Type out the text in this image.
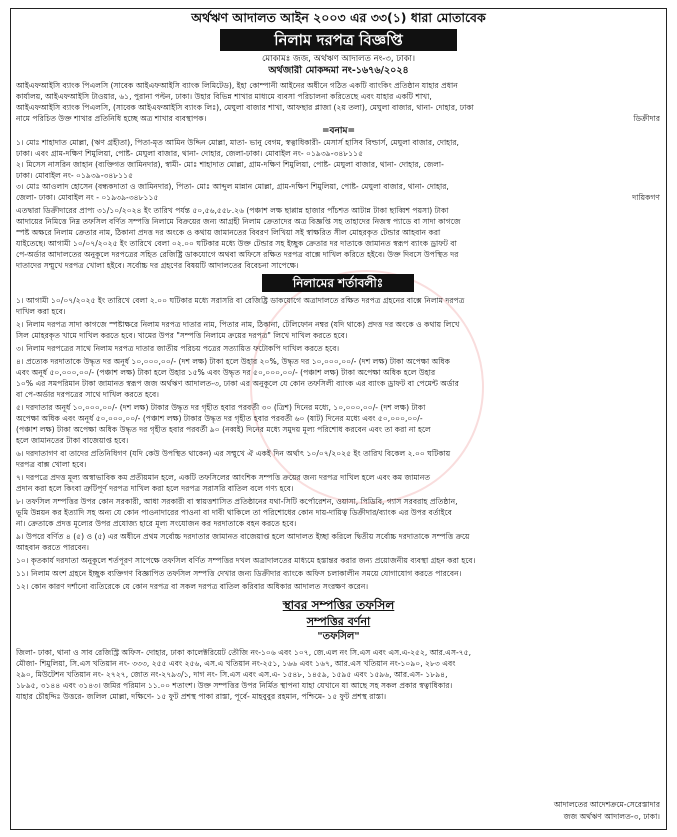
অর্থঋণ আদালত আইন ২০০৩ এর ৩৩(১) ধারা মোতাবেক
নিলাম দরপত্র বিজ্ঞপ্তি
মোকামঃ জজ, অর্থঋণ আদালত নং-৩, ঢাকা।
অর্থজারী মোকদ্দমা নং-১৬৭৬/২০২৪
আইএফআইসি ব্যাংক পিএলসি (সাবেক আইএফআইসি ব্যাংক লিমিটেড), ইহা কোম্পানী আইনের অধীনে গঠিত একটি ব্যাংকিং প্রতিষ্ঠান যাহার প্রধান
কার্যালয়, আইএফআইসি টাওয়ার, ৬১, পুরানা পল্টন, ঢাকা। উহার বিভিন্ন শাখার মাধ্যমে ব্যবসা পরিচালনা করিতেছে এবং যাহার একটি শাখা,
আইএফআইসি ব্যাংক পিএলসি, (সাবেক আইএফআইসি ব্যাংক লিঃ), মেঘুলা বাজার শাখা, আফছার প্লাজা (২য় তলা), মেঘুলা বাজার, থানা- দোহার, ঢাকা
নামে পরিচিত উক্ত শাখার প্রতিনিধি হচ্ছে অত্র শাখার ব্যবস্থাপক।	ডিক্রীদার
=বনাম=
১। মোঃ শাহাদাত মোল্লা, (ঋণ গ্রহীতা), পিতা-মৃত আমিন উদ্দিন মোল্লা, মাতা- ভানু বেগম, স্বত্বাধিকারী- মেসার্স হাসিব বিল্ডার্স, মেঘুলা বাজার, দোহার,
ঢাকা। এবং গ্রাম-দক্ষিণ শিমুলিয়া, পোষ্ট- মেঘুলা বাজার, থানা- দোহার, জেলা-ঢাকা। মোবাইল নং- ০১৯৩৯-৩৪৮১১৫
২। মিসেস নাসরিন জাহান (ব্যক্তিগত জামিনদার), স্বামী- মোঃ শাহাদাত মোল্লা, গ্রাম-দক্ষিণ শিমুলিয়া, পোষ্ট- মেঘুলা বাজার, থানা- দোহার, জেলা-
ঢাকা। মোবাইল নং- ০১৯৩৯-৩৪৮১১৫
৩। মোঃ আওলাদ হোসেন (বন্ধকদাতা ও জামিনদার), পিতা- মোঃ আব্দুল মান্নান মোল্লা, গ্রাম-দক্ষিণ শিমুলিয়া, পোষ্ট- মেঘুলা বাজার, থানা- দোহার,
জেলা- ঢাকা। মোবাইল নং - ০১৯৩৯-৩৪৮১১৫	দায়িকগণ
এতদ্বারা ডিক্রীদারের প্রাপ্য ৩১/১০/২০২৪ ইং তারিখ পর্যন্ত ৫০,৫৬,৫৫৮.২৬ (পঞ্চাশ লক্ষ ছাপ্পান্ন হাজার পাঁচশত আটান্ন টাকা ছাব্বিশ পয়সা) টাকা
আদায়ের নিমিত্তে নিম্ন তফসিল বর্ণিত সম্পত্তি নিলামে বিক্রয়ের জন্য আগ্রহী নিলাম ক্রেতাদের অত্র বিজ্ঞপ্তি সহ তাহাদের নিজস্ব প্যাডে বা সাদা কাগজে
স্পষ্ট অক্ষরে নিলাম ক্রেতার নাম, ঠিকানা প্রদত্ত দর অংকে ও কথায় জামানতের বিবরণ লিখিয়া সই স্বাক্ষরিত সীল মোহরকৃত টেন্ডার আহবান করা
যাইতেছে। আগামী ১০/০৭/২০২৫ ইং তারিখে বেলা ০২.০০ ঘটিকার মধ্যে উক্ত টেন্ডার সহ ইচ্ছুক ক্রেতার দর দাতাকে জামানত স্বরূপ ব্যাংক ড্রাফট বা
পে-অর্ডার আদালতের অনুকূলে দরপত্রের সহিত রেজিষ্ট্রি ডাকযোগে অথবা অফিসে রক্ষিত দরপত্র বাক্সে দাখিল করিতে হইবে। উক্ত দিবসে উপস্থিত দর
দাতাদের সম্মুখে দরপত্র খোলা হইবে। সর্বোচ্চ দর গ্রহণের বিষয়টি আদালতের বিবেচনা সাপেক্ষে।
নিলামের শর্তাবলীঃ
১। আগামী ১০/০৭/২০২৫ ইং তারিখে বেলা ২.০০ ঘটিকার মধ্যে সরাসরি বা রেজিষ্ট্রি ডাকযোগে অত্রাদালতে রক্ষিত দরপত্র গ্রহনের বাক্সে নিলাম দরপত্র
দাখিল করা হবে।
২। নিলাম দরপত্র সাদা কাগজে স্পষ্টাক্ষরে নিলাম দরপত্র দাতার নাম, পিতার নাম, ঠিকানা, টেলিফোন নম্বর (যদি থাকে) প্রদত্ত দর অংকে ও কথায় লিখে
সিল মোহরকৃত খামে দাখিল করতে হবে। খামের উপর "সম্পত্তি নিলামে ক্রয়ের দরপত্র" লিখে দাখিল করতে হবে।
৩। নিলাম দরপত্রের সাথে নিলাম দরপত্র দাতার জাতীয় পরিচয় পত্রের সত্যায়িত ফটোকপি দাখিল করতে হবে।
৪। প্রত্যেক দরদাতাকে উদ্ধৃত দর অনূর্ধ ১০,০০০,০০/- (দশ লক্ষ) টাকা হলে উহার ২০%, উদ্ধৃত দর ১০,০০০,০০/- (দশ লক্ষ) টাকা অপেক্ষা অধিক
এবং অনূর্ধ ৫০,০০০,০০/- (পঞ্চাশ লক্ষ) টাকা হলে উহার ১৫% এবং উদ্ধৃত দর ৫০,০০০,০০/- (পঞ্চাশ লক্ষ) টাকা অপেক্ষা অধিক হলে উহার
১০% এর সমপরিমান টাকা জামানত স্বরূপ জজ অর্থঋণ আদালত-৩, ঢাকা এর অনুকূলে যে কোন তফসিলী ব্যাংক এর ব্যাংক ড্রাফট বা পেমেন্ট অর্ডার
বা পে-অর্ডার দরপত্রের সাথে দাখিল করতে হবে।
৫। দরদাতার অনূর্ধ ১০,০০০,০০/- (দশ লক্ষ) টাকার উদ্ধৃত দর গৃহীত হবার পরবর্তী ৩০ (ত্রিশ) দিনের মধ্যে, ১০,০০০,০০/- (দশ লক্ষ) টাকা
অপেক্ষা অধিক এবং অনূর্ধ ৫০,০০০,০০/- (পঞ্চাশ লক্ষ) টাকার উদ্ধৃত দর গৃহীত হবার পরবর্তী ৬০ (ষাট) দিনের মধ্যে এবং ৫০,০০০,০০/-
(পঞ্চাশ লক্ষ) টাকা অপেক্ষা অধিক উদ্ধৃত দর গৃহীত হবার পরবর্তী ৯০ (নব্বই) দিনের মধ্যে সমুদয় মূল্য পরিশোধ করবেন এবং তা করা না হলে
হলে জামানতের টাকা বাজেয়াপ্ত হবে।
৬। দরদাতাগণ বা তাদের প্রতিনিধিগণ (যদি কেউ উপস্থিত থাকেন) এর সম্মুখে ঐ একই দিন অর্থাৎ ১০/০৭/২০২৫ ইং তারিখ বিকেল ২.০০ ঘটিকায়
দরপত্র বাক্স খোলা হবে।
৭। দরপত্রে প্রদত্ত মূল্য অস্বাভাবিক কম প্রতীয়মান হলে, একটি তফসিলের আংশিক সম্পত্তি ক্রয়ের জন্য দরপত্র দাখিল হলে এবং কম জামানত
প্রদান করা হলে কিংবা ত্রুটিপূর্ণ দরপত্র দাখিল করা হলে দরপত্র সরাসরি বাতিল বলে গণ্য হবে।
৮। তফসিল সম্পত্তির উপর কোন সরকারী, আধা সরকারী বা স্বায়ত্তশাসিত প্রতিষ্ঠানের যথা-সিটি কর্পোরেশন, ওয়াসা, পিডিবি, গ্যাস সরবরাহ প্রতিষ্ঠান,
ভূমি উন্নয়ন কর ইত্যাদি সহ অন্য যে কোন পাওনাদারের পাওনা বা দাবী থাকিলে তা পরিশোধের কোন দায়-দায়িত্ব ডিক্রীদার/ব্যাংক এর উপর বর্তাইবে
না। ক্রেতাকে প্রদত্ত মূল্যের উপর প্রযোজ্য হারে মূল্য সংযোজন কর দরদাতাকে বহন করতে হবে।
৯। উপরে বর্ণিত ৪ (৫) ও (৫) এর অধীনে প্রথম সর্বোচ্চ দরদাতার জামানত বাজেয়াপ্ত হলে আদালত ইচ্ছা করিলে দ্বিতীয় সর্বোচ্চ দরদাতাকে সম্পত্তি ক্রয়ে
আহবান করতে পারবেন।
১০। কৃতকার্য দরদাতা অনুকূলে শর্তপূরণ সাপেক্ষে তফসিল বর্ণিত সম্পত্তির দখল অত্রাদালতের মাধ্যমে হস্তান্তর করার জন্য প্রয়োজনীয় ব্যবস্থা গ্রহন করা হবে।
১১। নিলাম অংশ গ্রহনে ইচ্ছুক ব্যক্তিগণ বিজ্ঞাপিত তফসিল সম্পত্তি দেখার জন্য ডিক্রীদার ব্যাংকে অফিস চলাকালীন সময়ে যোগাযোগ করতে পারবেন।
১২। কোন কারণ দর্শানো ব্যতিরেকে যে কোন দরপত্র বা সকল দরপত্র বাতিল করিবার অধিকার আদালত সংরক্ষণ করেন।
স্থাবর সম্পত্তির তফসিল
সম্পত্তির বর্ণনা
"তফসিল"
জিলা- ঢাকা, থানা ও সাব রেজিস্ট্রি অফিস- দোহার, ঢাকা কালেক্টরিয়েট তৌজি নং-১০৬ এবং ১০৭, জে.এল নং সি.এস এবং এস.এ-২৫২, আর.এস-৭৫,
মৌজা- শিমুলিয়া, সি.এস খতিয়ান নং- ৩৩৩, ২৫৫ এবং ২৫৬, এস.এ খতিয়ান নং-২৫১, ১৬৬ এবং ১৬৭, আর.এস খতিয়ান নং-১০৯০, ২৮৩ এবং
২৯০, মিউটেশন খতিয়ান নং- ২৭২৭, জোত নং-২৭৯৩/১, দাগ নং- সি.এস এবং এস.এ- ১৫৪৮, ১৪৫৯, ১৫৯৫ এবং ১৫৯৬, আর.এস- ১৮৯৪,
১৮৯৫, ৩১৪৪ এবং ৩১৪৩। জমির পরিমান ১১.০০ শতাংশ। উক্ত সম্পত্তির উপর নির্মিত স্থাপনা যাহা যেখানে যা আছে সহ সকল প্রকার স্বত্বাধিকার।
যাহার চৌহদ্দিঃ উত্তরে- জলিল মোল্লা, দক্ষিণে- ১৫ ফুট প্রশস্থ পাকা রাস্তা, পূর্বে- মাহবুবুর রহমান, পশ্চিমে- ১৫ ফুট প্রশস্থ রাস্তা।
আদালতের আদেশক্রমে-সেরেস্তাদার
জজ অর্থঋণ আদালত-৩, ঢাকা।
